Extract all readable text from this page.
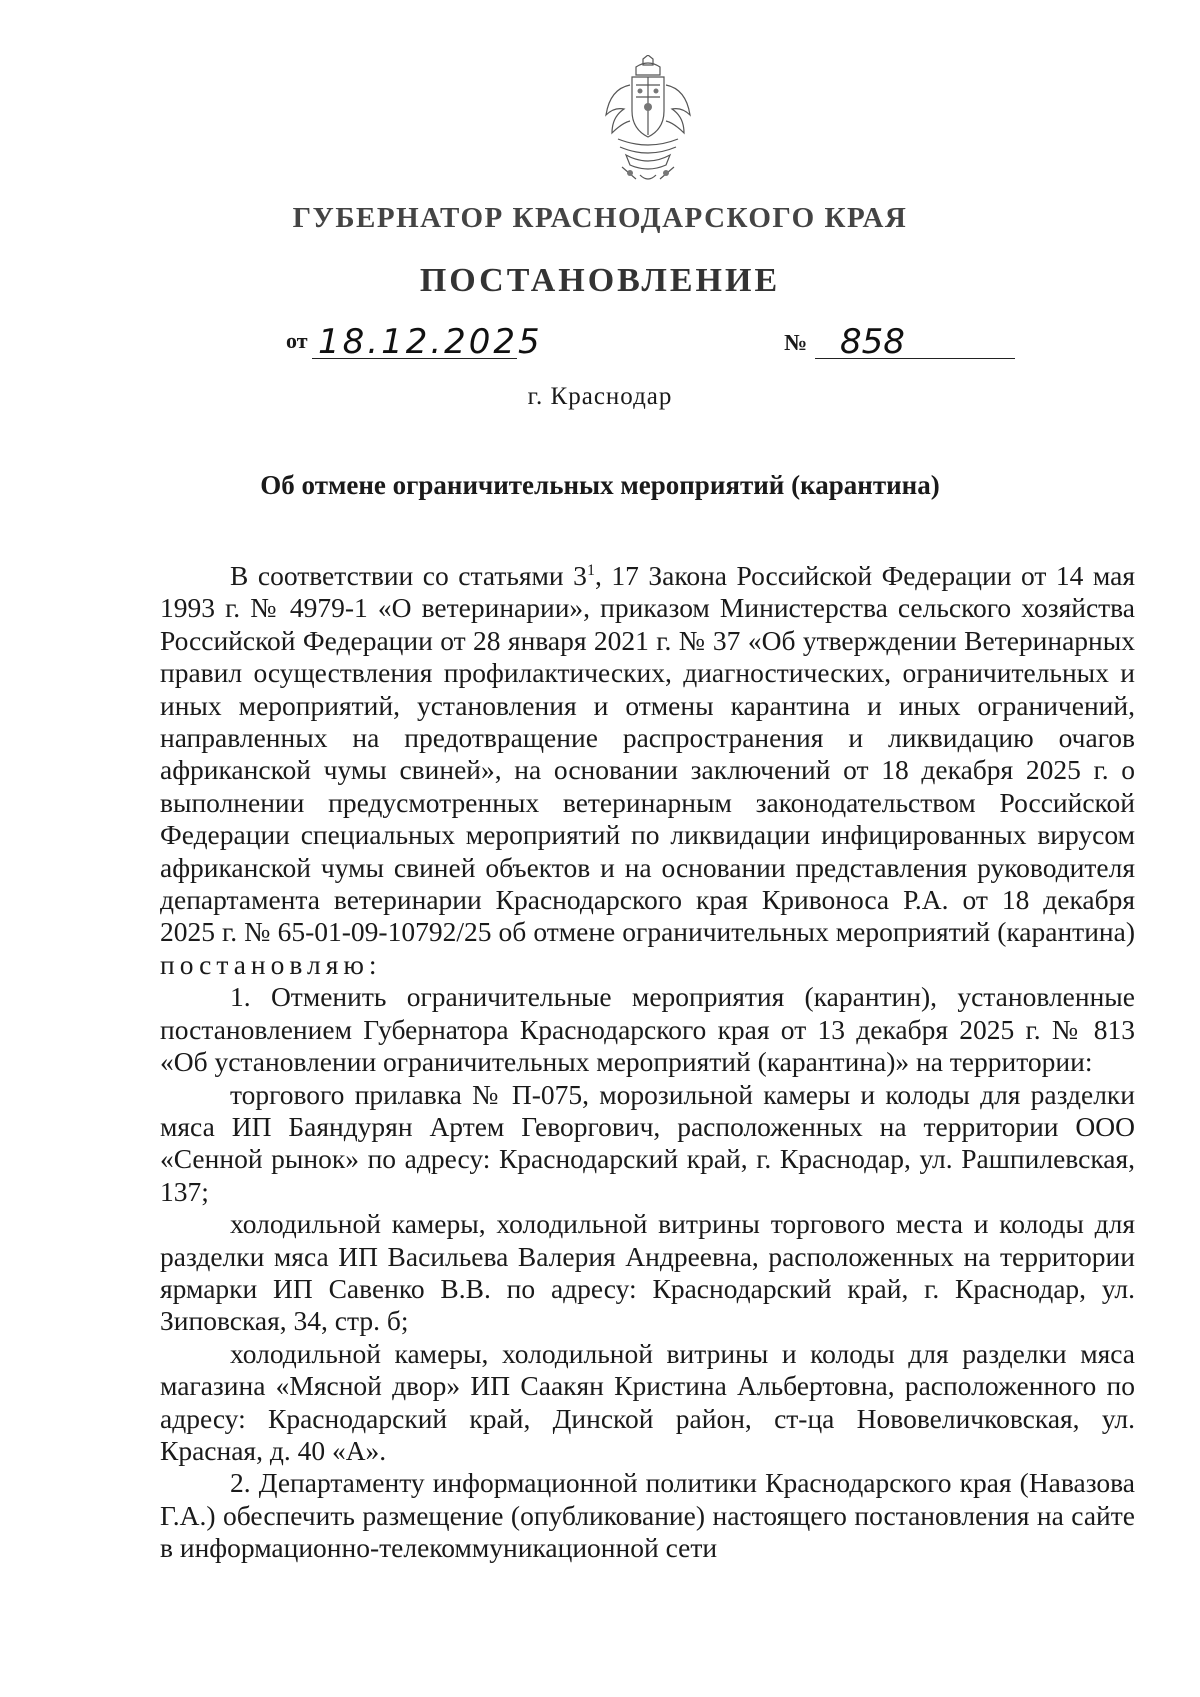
ГУБЕРНАТОР КРАСНОДАРСКОГО КРАЯ
ПОСТАНОВЛЕНИЕ
от 18.12.2025	№ 858
г. Краснодар
Об отмене ограничительных мероприятий (карантина)

В соответствии со статьями $3^1$, 17 Закона Российской Федерации от 14 мая 1993 г. № 4979-1 «О ветеринарии», приказом Министерства сельского хозяйства Российской Федерации от 28 января 2021 г. № 37 «Об утверждении Ветеринарных правил осуществления профилактических, диагностических, ограничительных и иных мероприятий, установления и отмены карантина и иных ограничений, направленных на предотвращение распространения и ликвидацию очагов африканской чумы свиней», на основании заключений от 18 декабря 2025 г. о выполнении предусмотренных ветеринарным законодательством Российской Федерации специальных мероприятий по ликвидации инфицированных вирусом африканской чумы свиней объектов и на основании представления руководителя департамента ветеринарии Краснодарского края Кривоноса Р.А. от 18 декабря 2025 г. № 65-01-09-10792/25 об отмене ограничительных мероприятий (карантина) постановляю:

1. Отменить ограничительные мероприятия (карантин), установленные постановлением Губернатора Краснодарского края от 13 декабря 2025 г. № 813 «Об установлении ограничительных мероприятий (карантина)» на территории:

торгового прилавка № П-075, морозильной камеры и колоды для разделки мяса ИП Баяндурян Артем Геворгович, расположенных на территории ООО «Сенной рынок» по адресу: Краснодарский край, г. Краснодар, ул. Рашпилевская, 137;

холодильной камеры, холодильной витрины торгового места и колоды для разделки мяса ИП Васильева Валерия Андреевна, расположенных на территории ярмарки ИП Савенко В.В. по адресу: Краснодарский край, г. Краснодар, ул. Зиповская, 34, стр. б;

холодильной камеры, холодильной витрины и колоды для разделки мяса магазина «Мясной двор» ИП Саакян Кристина Альбертовна, расположенного по адресу: Краснодарский край, Динской район, ст-ца Нововеличковская, ул. Красная, д. 40 «А».

2. Департаменту информационной политики Краснодарского края (Навазова Г.А.) обеспечить размещение (опубликование) настоящего постановления на сайте в информационно-телекоммуникационной сети
